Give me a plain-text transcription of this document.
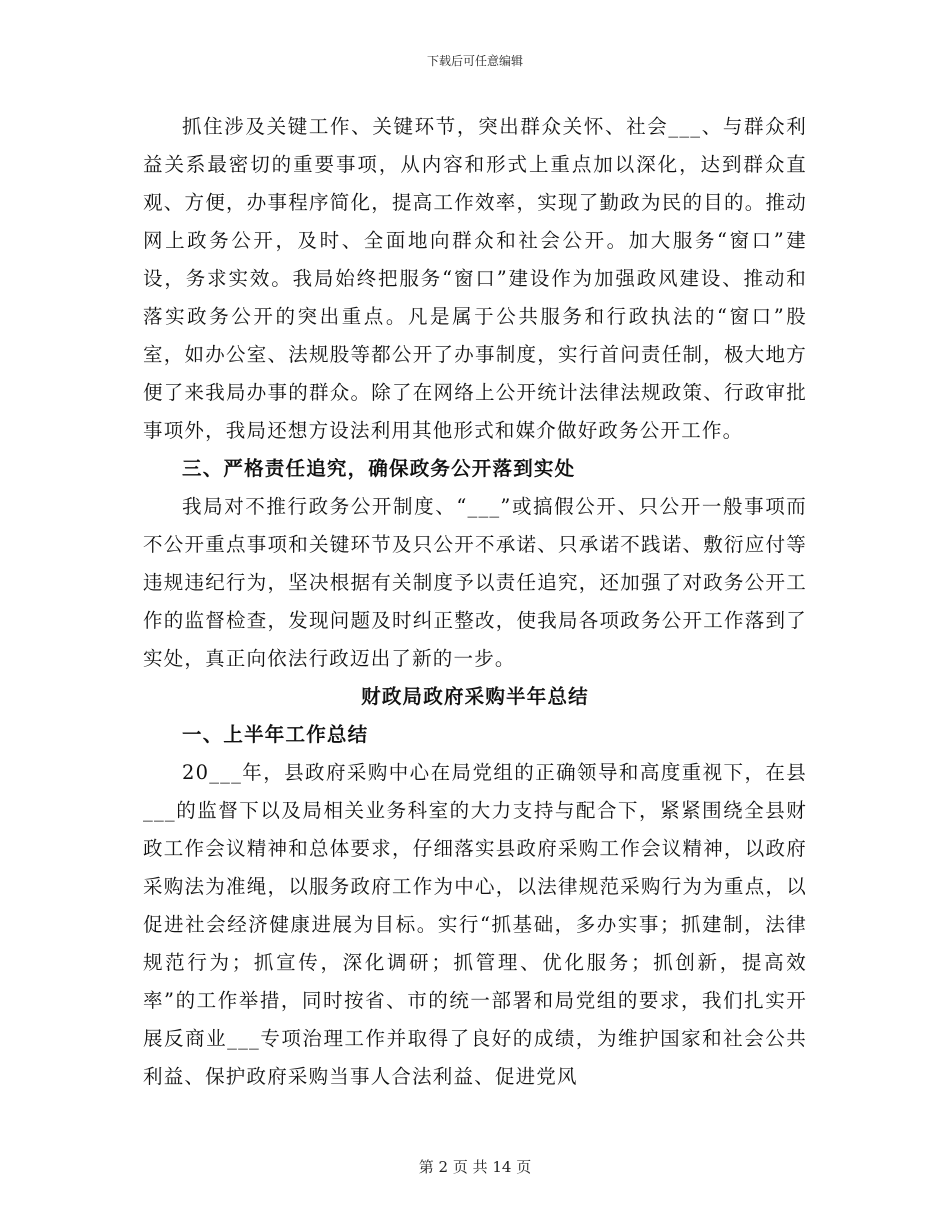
下载后可任意编辑

抓住涉及关键工作、关键环节，突出群众关怀、社会___、与群众利益关系最密切的重要事项，从内容和形式上重点加以深化，达到群众直观、方便，办事程序简化，提高工作效率，实现了勤政为民的目的。推动网上政务公开，及时、全面地向群众和社会公开。加大服务“窗口”建设，务求实效。我局始终把服务“窗口”建设作为加强政风建设、推动和落实政务公开的突出重点。凡是属于公共服务和行政执法的“窗口”股室，如办公室、法规股等都公开了办事制度，实行首问责任制，极大地方便了来我局办事的群众。除了在网络上公开统计法律法规政策、行政审批事项外，我局还想方设法利用其他形式和媒介做好政务公开工作。

三、严格责任追究，确保政务公开落到实处

我局对不推行政务公开制度、“___”或搞假公开、只公开一般事项而不公开重点事项和关键环节及只公开不承诺、只承诺不践诺、敷衍应付等违规违纪行为，坚决根据有关制度予以责任追究，还加强了对政务公开工作的监督检查，发现问题及时纠正整改，使我局各项政务公开工作落到了实处，真正向依法行政迈出了新的一步。

财政局政府采购半年总结

一、上半年工作总结

20___年，县政府采购中心在局党组的正确领导和高度重视下，在县___的监督下以及局相关业务科室的大力支持与配合下，紧紧围绕全县财政工作会议精神和总体要求，仔细落实县政府采购工作会议精神，以政府采购法为准绳，以服务政府工作为中心，以法律规范采购行为为重点，以促进社会经济健康进展为目标。实行“抓基础，多办实事；抓建制，法律规范行为；抓宣传，深化调研；抓管理、优化服务；抓创新，提高效率”的工作举措，同时按省、市的统一部署和局党组的要求，我们扎实开展反商业___专项治理工作并取得了良好的成绩，为维护国家和社会公共利益、保护政府采购当事人合法利益、促进党风

第 2 页 共 14 页
